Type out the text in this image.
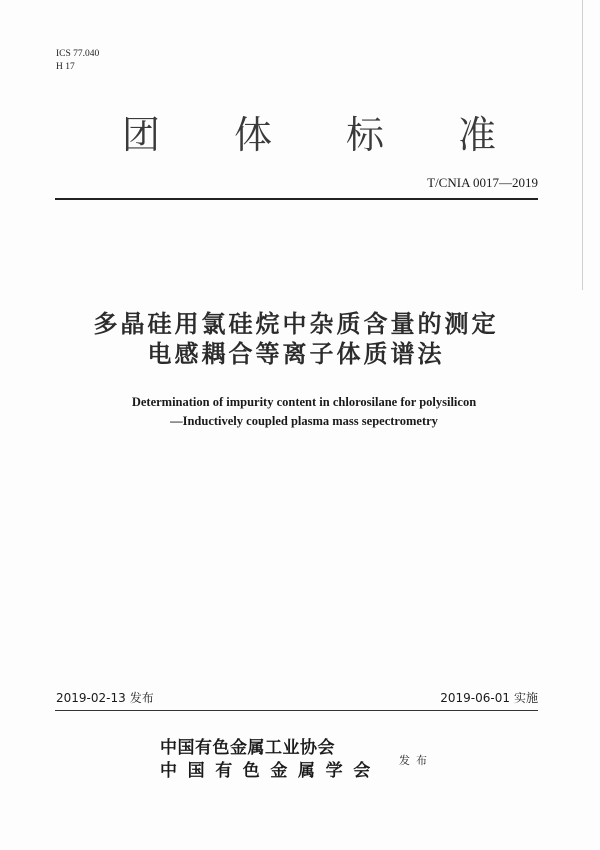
ICS 77.040
H 17
团	体	标	准
T/CNIA 0017—2019
多晶硅用氯硅烷中杂质含量的测定
电感耦合等离子体质谱法
Determination of impurity content in chlorosilane for polysilicon
—Inductively coupled plasma mass sepectrometry
2019-02-13 发布	2019-06-01 实施
中国有色金属工业协会
中国有色金属学会
发布
